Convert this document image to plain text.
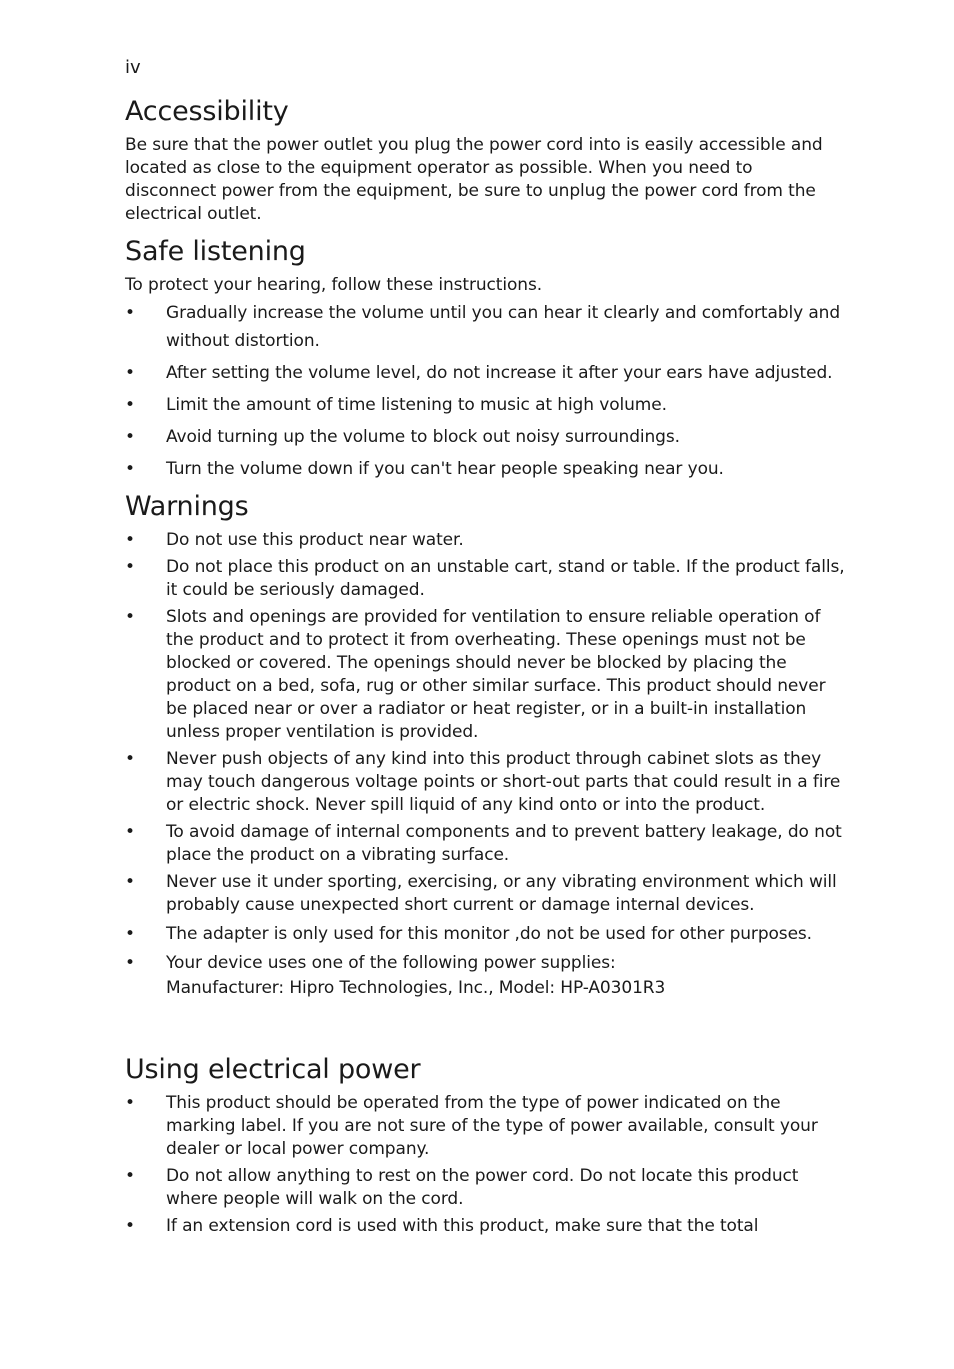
iv
Accessibility

Be sure that the power outlet you plug the power cord into is easily accessible and located as close to the equipment operator as possible. When you need to disconnect power from the equipment, be sure to unplug the power cord from the electrical outlet.

Safe listening

To protect your hearing, follow these instructions.

• Gradually increase the volume until you can hear it clearly and comfortably and without distortion.
• After setting the volume level, do not increase it after your ears have adjusted.
• Limit the amount of time listening to music at high volume.
• Avoid turning up the volume to block out noisy surroundings.
• Turn the volume down if you can't hear people speaking near you.
Warnings
• Do not use this product near water.
• Do not place this product on an unstable cart, stand or table. If the product falls, it could be seriously damaged.
• Slots and openings are provided for ventilation to ensure reliable operation of the product and to protect it from overheating. These openings must not be blocked or covered. The openings should never be blocked by placing the product on a bed, sofa, rug or other similar surface. This product should never be placed near or over a radiator or heat register, or in a built-in installation unless proper ventilation is provided.
• Never push objects of any kind into this product through cabinet slots as they may touch dangerous voltage points or short-out parts that could result in a fire or electric shock. Never spill liquid of any kind onto or into the product.
• To avoid damage of internal components and to prevent battery leakage, do not place the product on a vibrating surface.
• Never use it under sporting, exercising, or any vibrating environment which will probably cause unexpected short current or damage internal devices.
• The adapter is only used for this monitor ,do not be used for other purposes.
• Your device uses one of the following power supplies:
Manufacturer: Hipro Technologies, Inc., Model: HP-A0301R3
Using electrical power
• This product should be operated from the type of power indicated on the marking label. If you are not sure of the type of power available, consult your dealer or local power company.
• Do not allow anything to rest on the power cord. Do not locate this product where people will walk on the cord.
• If an extension cord is used with this product, make sure that the total
